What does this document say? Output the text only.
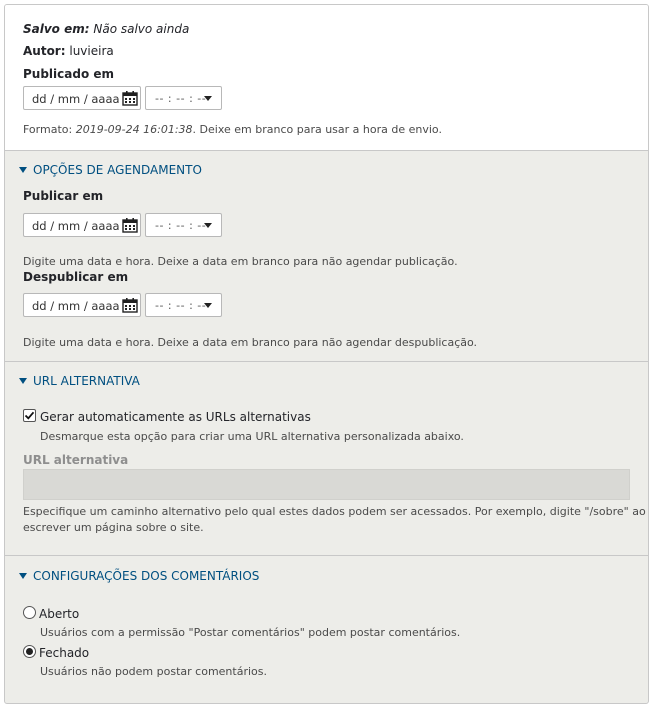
Salvo em: Não salvo ainda
Autor: luvieira
Publicado em
dd / mm / aaaa	-- : -- : --
Formato: 2019-09-24 16:01:38. Deixe em branco para usar a hora de envio.
OPÇÕES DE AGENDAMENTO
Publicar em
dd / mm / aaaa	-- : -- : --
Digite uma data e hora. Deixe a data em branco para não agendar publicação.
Despublicar em
dd / mm / aaaa	-- : -- : --
Digite uma data e hora. Deixe a data em branco para não agendar despublicação.
URL ALTERNATIVA
Gerar automaticamente as URLs alternativas
Desmarque esta opção para criar uma URL alternativa personalizada abaixo.
URL alternativa
Especifique um caminho alternativo pelo qual estes dados podem ser acessados. Por exemplo, digite "/sobre" ao
escrever um página sobre o site.
CONFIGURAÇÕES DOS COMENTÁRIOS
Aberto
Usuários com a permissão "Postar comentários" podem postar comentários.
Fechado
Usuários não podem postar comentários.
